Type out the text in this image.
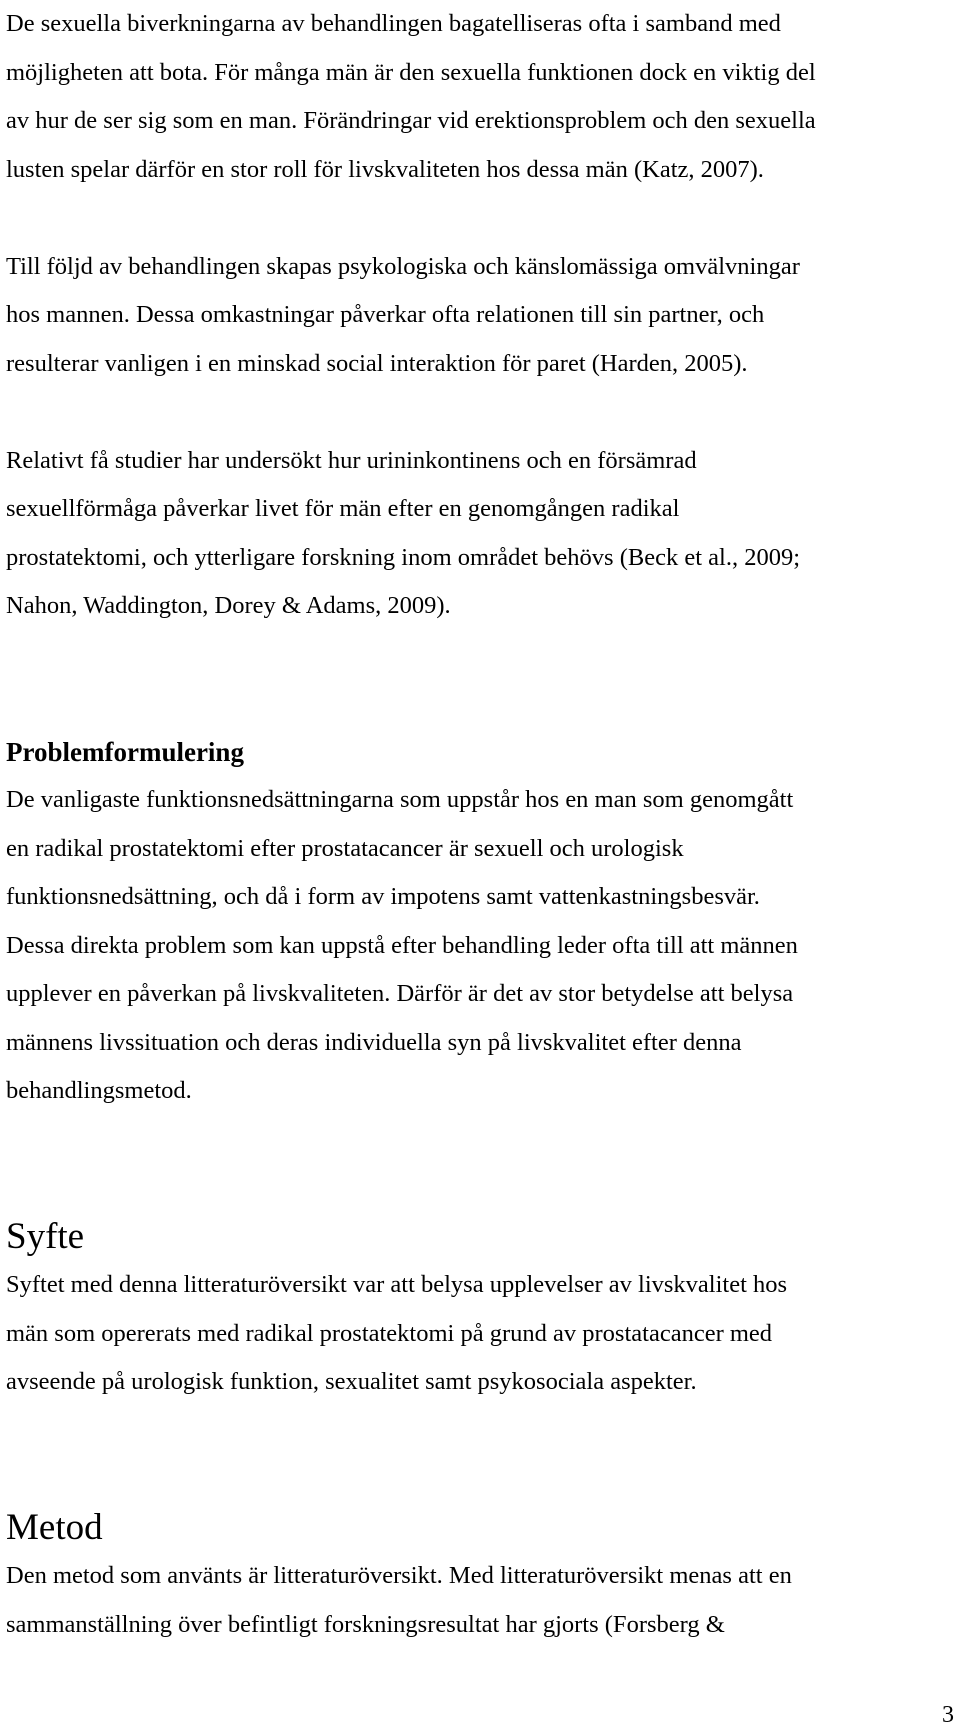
De sexuella biverkningarna av behandlingen bagatelliseras ofta i samband med
möjligheten att bota. För många män är den sexuella funktionen dock en viktig del
av hur de ser sig som en man. Förändringar vid erektionsproblem och den sexuella
lusten spelar därför en stor roll för livskvaliteten hos dessa män (Katz, 2007).

Till följd av behandlingen skapas psykologiska och känslomässiga omvälvningar
hos mannen. Dessa omkastningar påverkar ofta relationen till sin partner, och
resulterar vanligen i en minskad social interaktion för paret (Harden, 2005).

Relativt få studier har undersökt hur urininkontinens och en försämrad
sexuellförmåga påverkar livet för män efter en genomgången radikal
prostatektomi, och ytterligare forskning inom området behövs (Beck et al., 2009;
Nahon, Waddington, Dorey & Adams, 2009).

Problemformulering

De vanligaste funktionsnedsättningarna som uppstår hos en man som genomgått
en radikal prostatektomi efter prostatacancer är sexuell och urologisk
funktionsnedsättning, och då i form av impotens samt vattenkastningsbesvär.
Dessa direkta problem som kan uppstå efter behandling leder ofta till att männen
upplever en påverkan på livskvaliteten. Därför är det av stor betydelse att belysa
männens livssituation och deras individuella syn på livskvalitet efter denna
behandlingsmetod.

Syfte

Syftet med denna litteraturöversikt var att belysa upplevelser av livskvalitet hos
män som opererats med radikal prostatektomi på grund av prostatacancer med
avseende på urologisk funktion, sexualitet samt psykosociala aspekter.

Metod

Den metod som använts är litteraturöversikt. Med litteraturöversikt menas att en
sammanställning över befintligt forskningsresultat har gjorts (Forsberg &

3
